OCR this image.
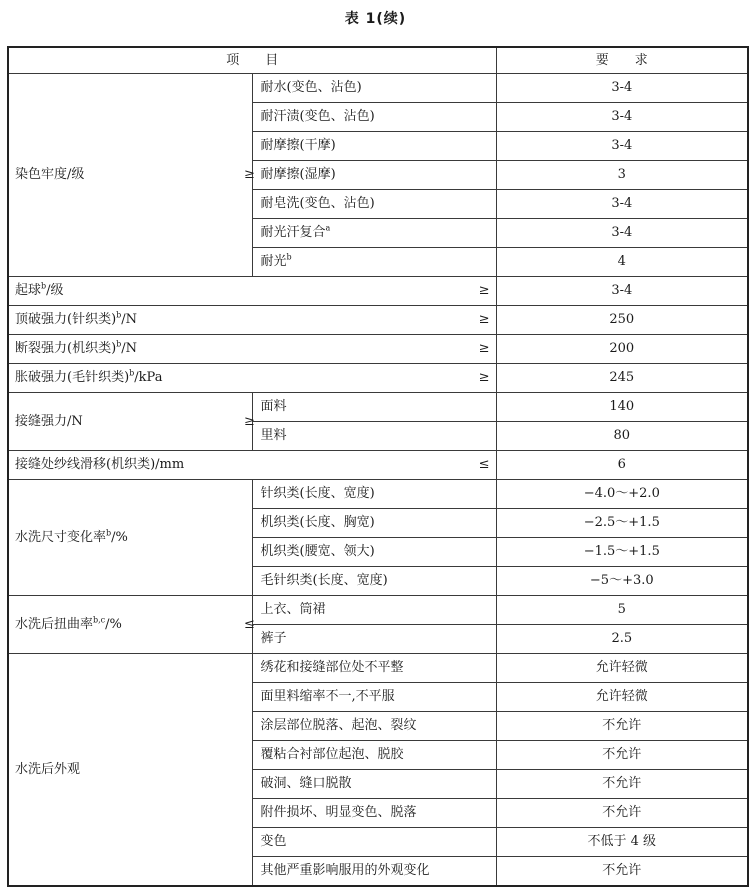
表 1(续)
项　　目			要　　求
染色牢度/级	≥	耐水(变色、沾色)	3-4
		耐汗渍(变色、沾色)	3-4
		耐摩擦(干摩)	3-4
		耐摩擦(湿摩)	3
		耐皂洗(变色、沾色)	3-4
		耐光汗复合$^a$	3-4
		耐光$^b$	4

起球$^b$/级 ≥			3-4

顶破强力(针织类)$^b$/N ≥			250

断裂强力(机织类)$^b$/N ≥			200

胀破强力(毛针织类)$^b$/kPa ≥			245
接缝强力/N	≥	面料	140
		里料	80

接缝处纱线滑移(机织类)/mm ≤			6
水洗尺寸变化率$^b$/%		针织类(长度、宽度)	−4.0～+2.0
		机织类(长度、胸宽)	−2.5～+1.5
		机织类(腰宽、领大)	−1.5～+1.5
		毛针织类(长度、宽度)	−5～+3.0
水洗后扭曲率$^{b,c}$/%	≤	上衣、筒裙	5
		裤子	2.5
水洗后外观		绣花和接缝部位处不平整	允许轻微
		面里料缩率不一,不平服	允许轻微
		涂层部位脱落、起泡、裂纹	不允许
		覆粘合衬部位起泡、脱胶	不允许
		破洞、缝口脱散	不允许
		附件损坏、明显变色、脱落	不允许
		变色	不低于 4 级
		其他严重影响服用的外观变化	不允许
